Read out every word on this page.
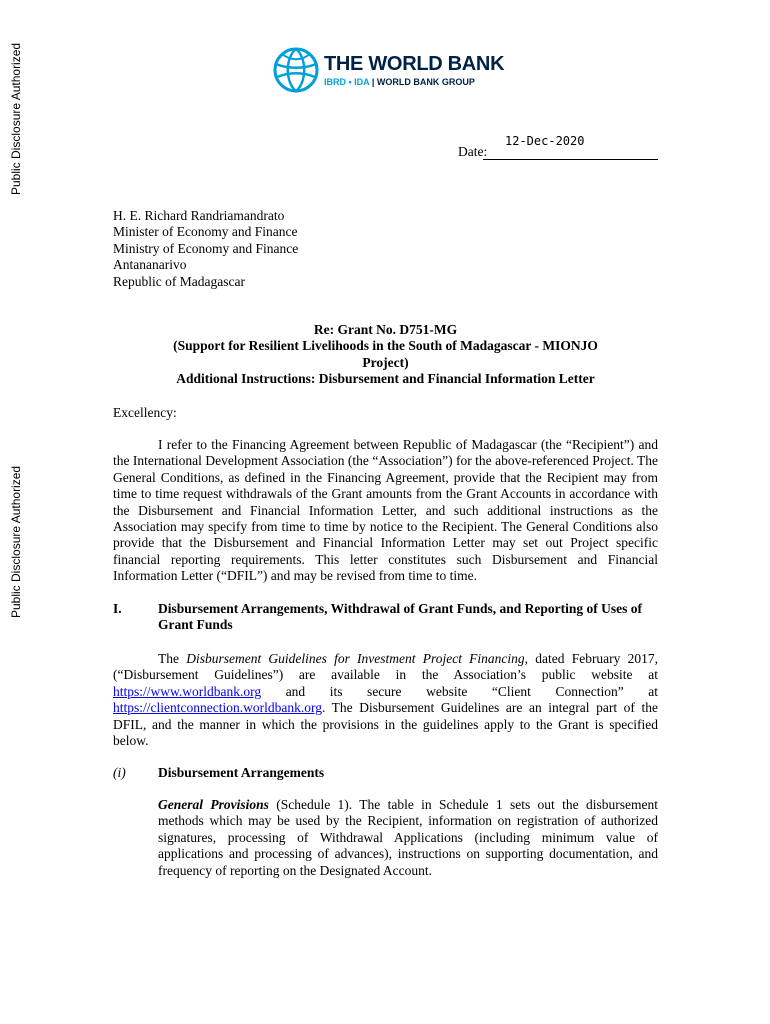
Public Disclosure Authorized
Public Disclosure Authorized
THE WORLD BANK
IBRD • IDA | WORLD BANK GROUP
12-Dec-2020
Date:
H. E. Richard Randriamandrato
Minister of Economy and Finance
Ministry of Economy and Finance
Antananarivo
Republic of Madagascar
Re: Grant No. D751-MG
(Support for Resilient Livelihoods in the South of Madagascar - MIONJO
Project)
Additional Instructions: Disbursement and Financial Information Letter
Excellency:
I refer to the Financing Agreement between Republic of Madagascar (the “Recipient”) and the International Development Association (the “Association”) for the above-referenced Project. The General Conditions, as defined in the Financing Agreement, provide that the Recipient may from time to time request withdrawals of the Grant amounts from the Grant Accounts in accordance with the Disbursement and Financial Information Letter, and such additional instructions as the Association may specify from time to time by notice to the Recipient. The General Conditions also provide that the Disbursement and Financial Information Letter may set out Project specific financial reporting requirements. This letter constitutes such Disbursement and Financial Information Letter (“DFIL”) and may be revised from time to time.
I.	Disbursement Arrangements, Withdrawal of Grant Funds, and Reporting of Uses of Grant Funds
The Disbursement Guidelines for Investment Project Financing, dated February 2017, (“Disbursement Guidelines”) are available in the Association’s public website at https://www.worldbank.org and its secure website “Client Connection” at https://clientconnection.worldbank.org. The Disbursement Guidelines are an integral part of the DFIL, and the manner in which the provisions in the guidelines apply to the Grant is specified below.
(i) Disbursement Arrangements
General Provisions (Schedule 1). The table in Schedule 1 sets out the disbursement methods which may be used by the Recipient, information on registration of authorized signatures, processing of Withdrawal Applications (including minimum value of applications and processing of advances), instructions on supporting documentation, and frequency of reporting on the Designated Account.
